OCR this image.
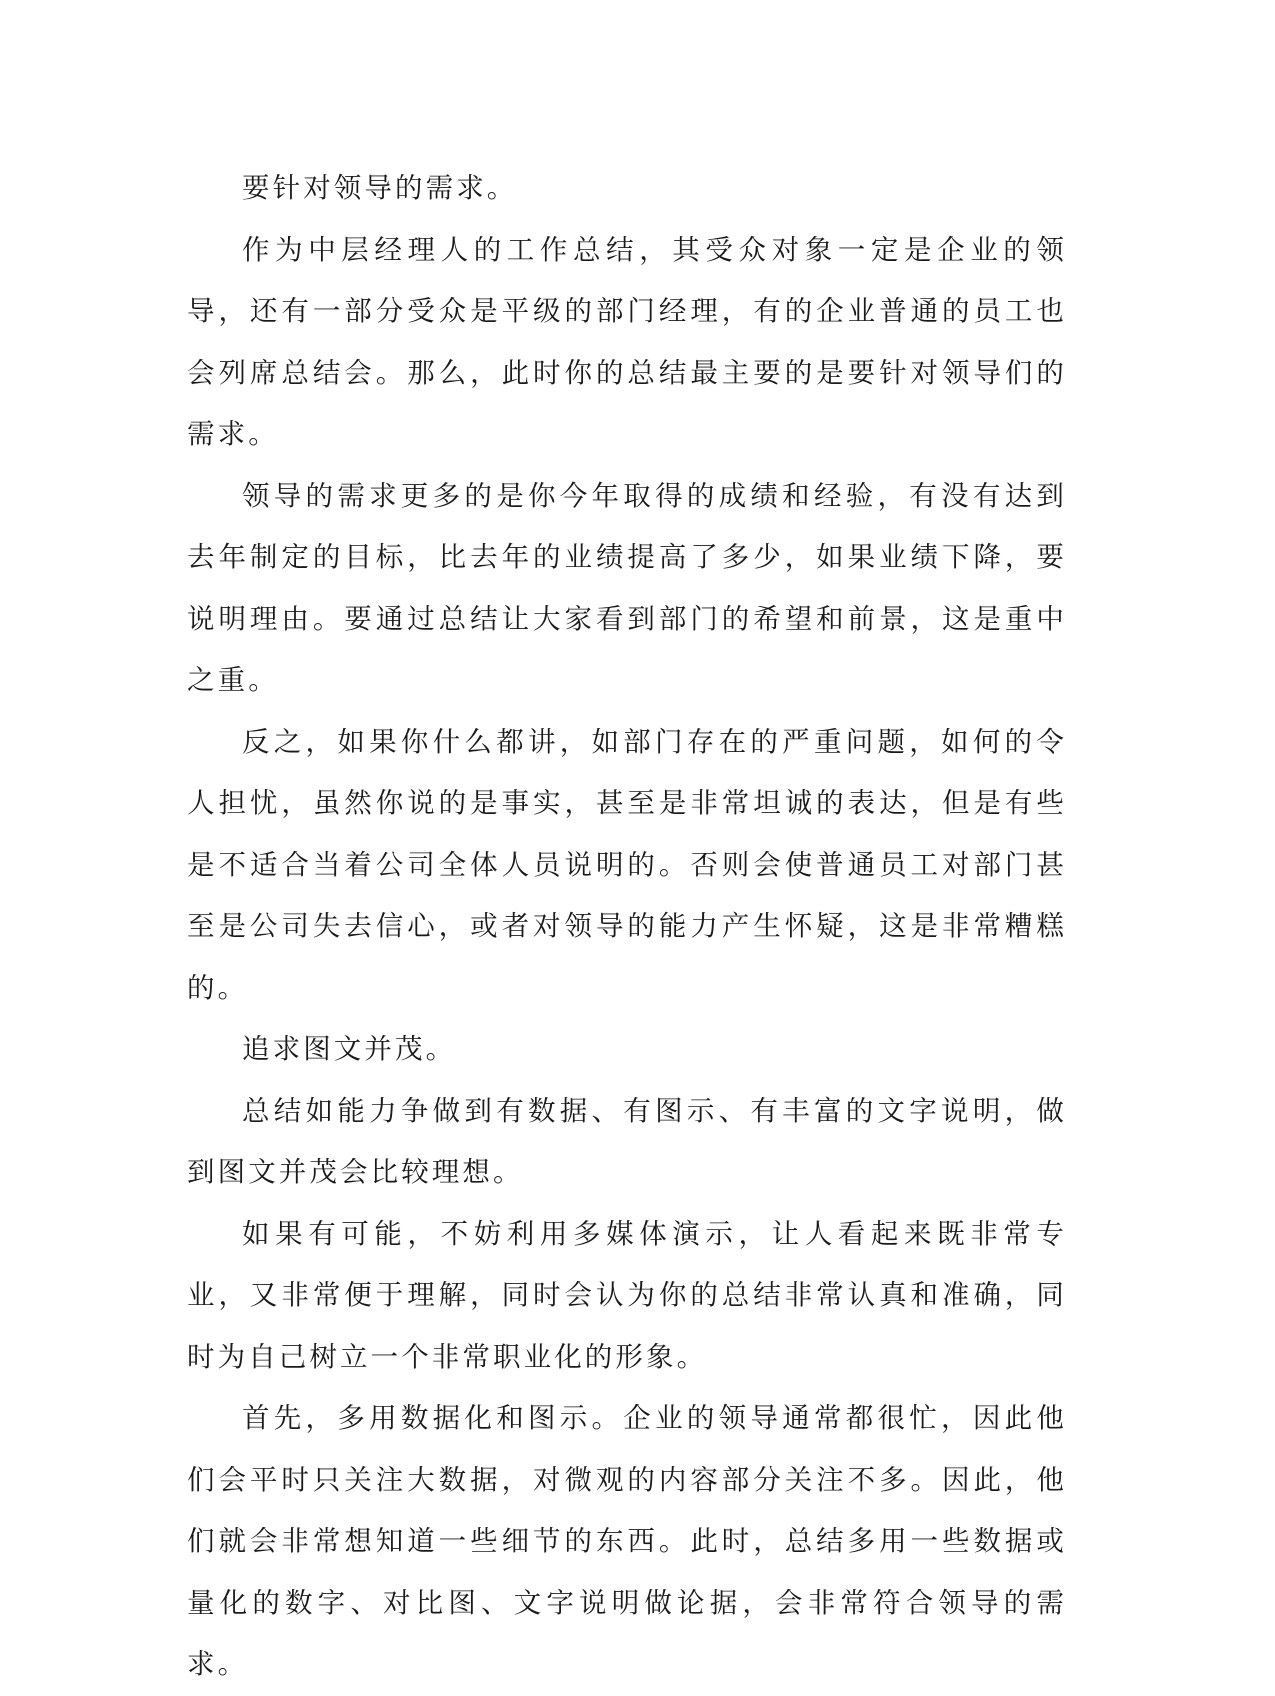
要针对领导的需求。

作为中层经理人的工作总结，其受众对象一定是企业的领导，还有一部分受众是平级的部门经理，有的企业普通的员工也会列席总结会。那么，此时你的总结最主要的是要针对领导们的需求。

领导的需求更多的是你今年取得的成绩和经验，有没有达到去年制定的目标，比去年的业绩提高了多少，如果业绩下降，要说明理由。要通过总结让大家看到部门的希望和前景，这是重中之重。

反之，如果你什么都讲，如部门存在的严重问题，如何的令人担忧，虽然你说的是事实，甚至是非常坦诚的表达，但是有些是不适合当着公司全体人员说明的。否则会使普通员工对部门甚至是公司失去信心，或者对领导的能力产生怀疑，这是非常糟糕的。

追求图文并茂。

总结如能力争做到有数据、有图示、有丰富的文字说明，做到图文并茂会比较理想。

如果有可能，不妨利用多媒体演示，让人看起来既非常专业，又非常便于理解，同时会认为你的总结非常认真和准确，同时为自己树立一个非常职业化的形象。

首先，多用数据化和图示。企业的领导通常都很忙，因此他们会平时只关注大数据，对微观的内容部分关注不多。因此，他们就会非常想知道一些细节的东西。此时，总结多用一些数据或量化的数字、对比图、文字说明做论据，会非常符合领导的需求。
